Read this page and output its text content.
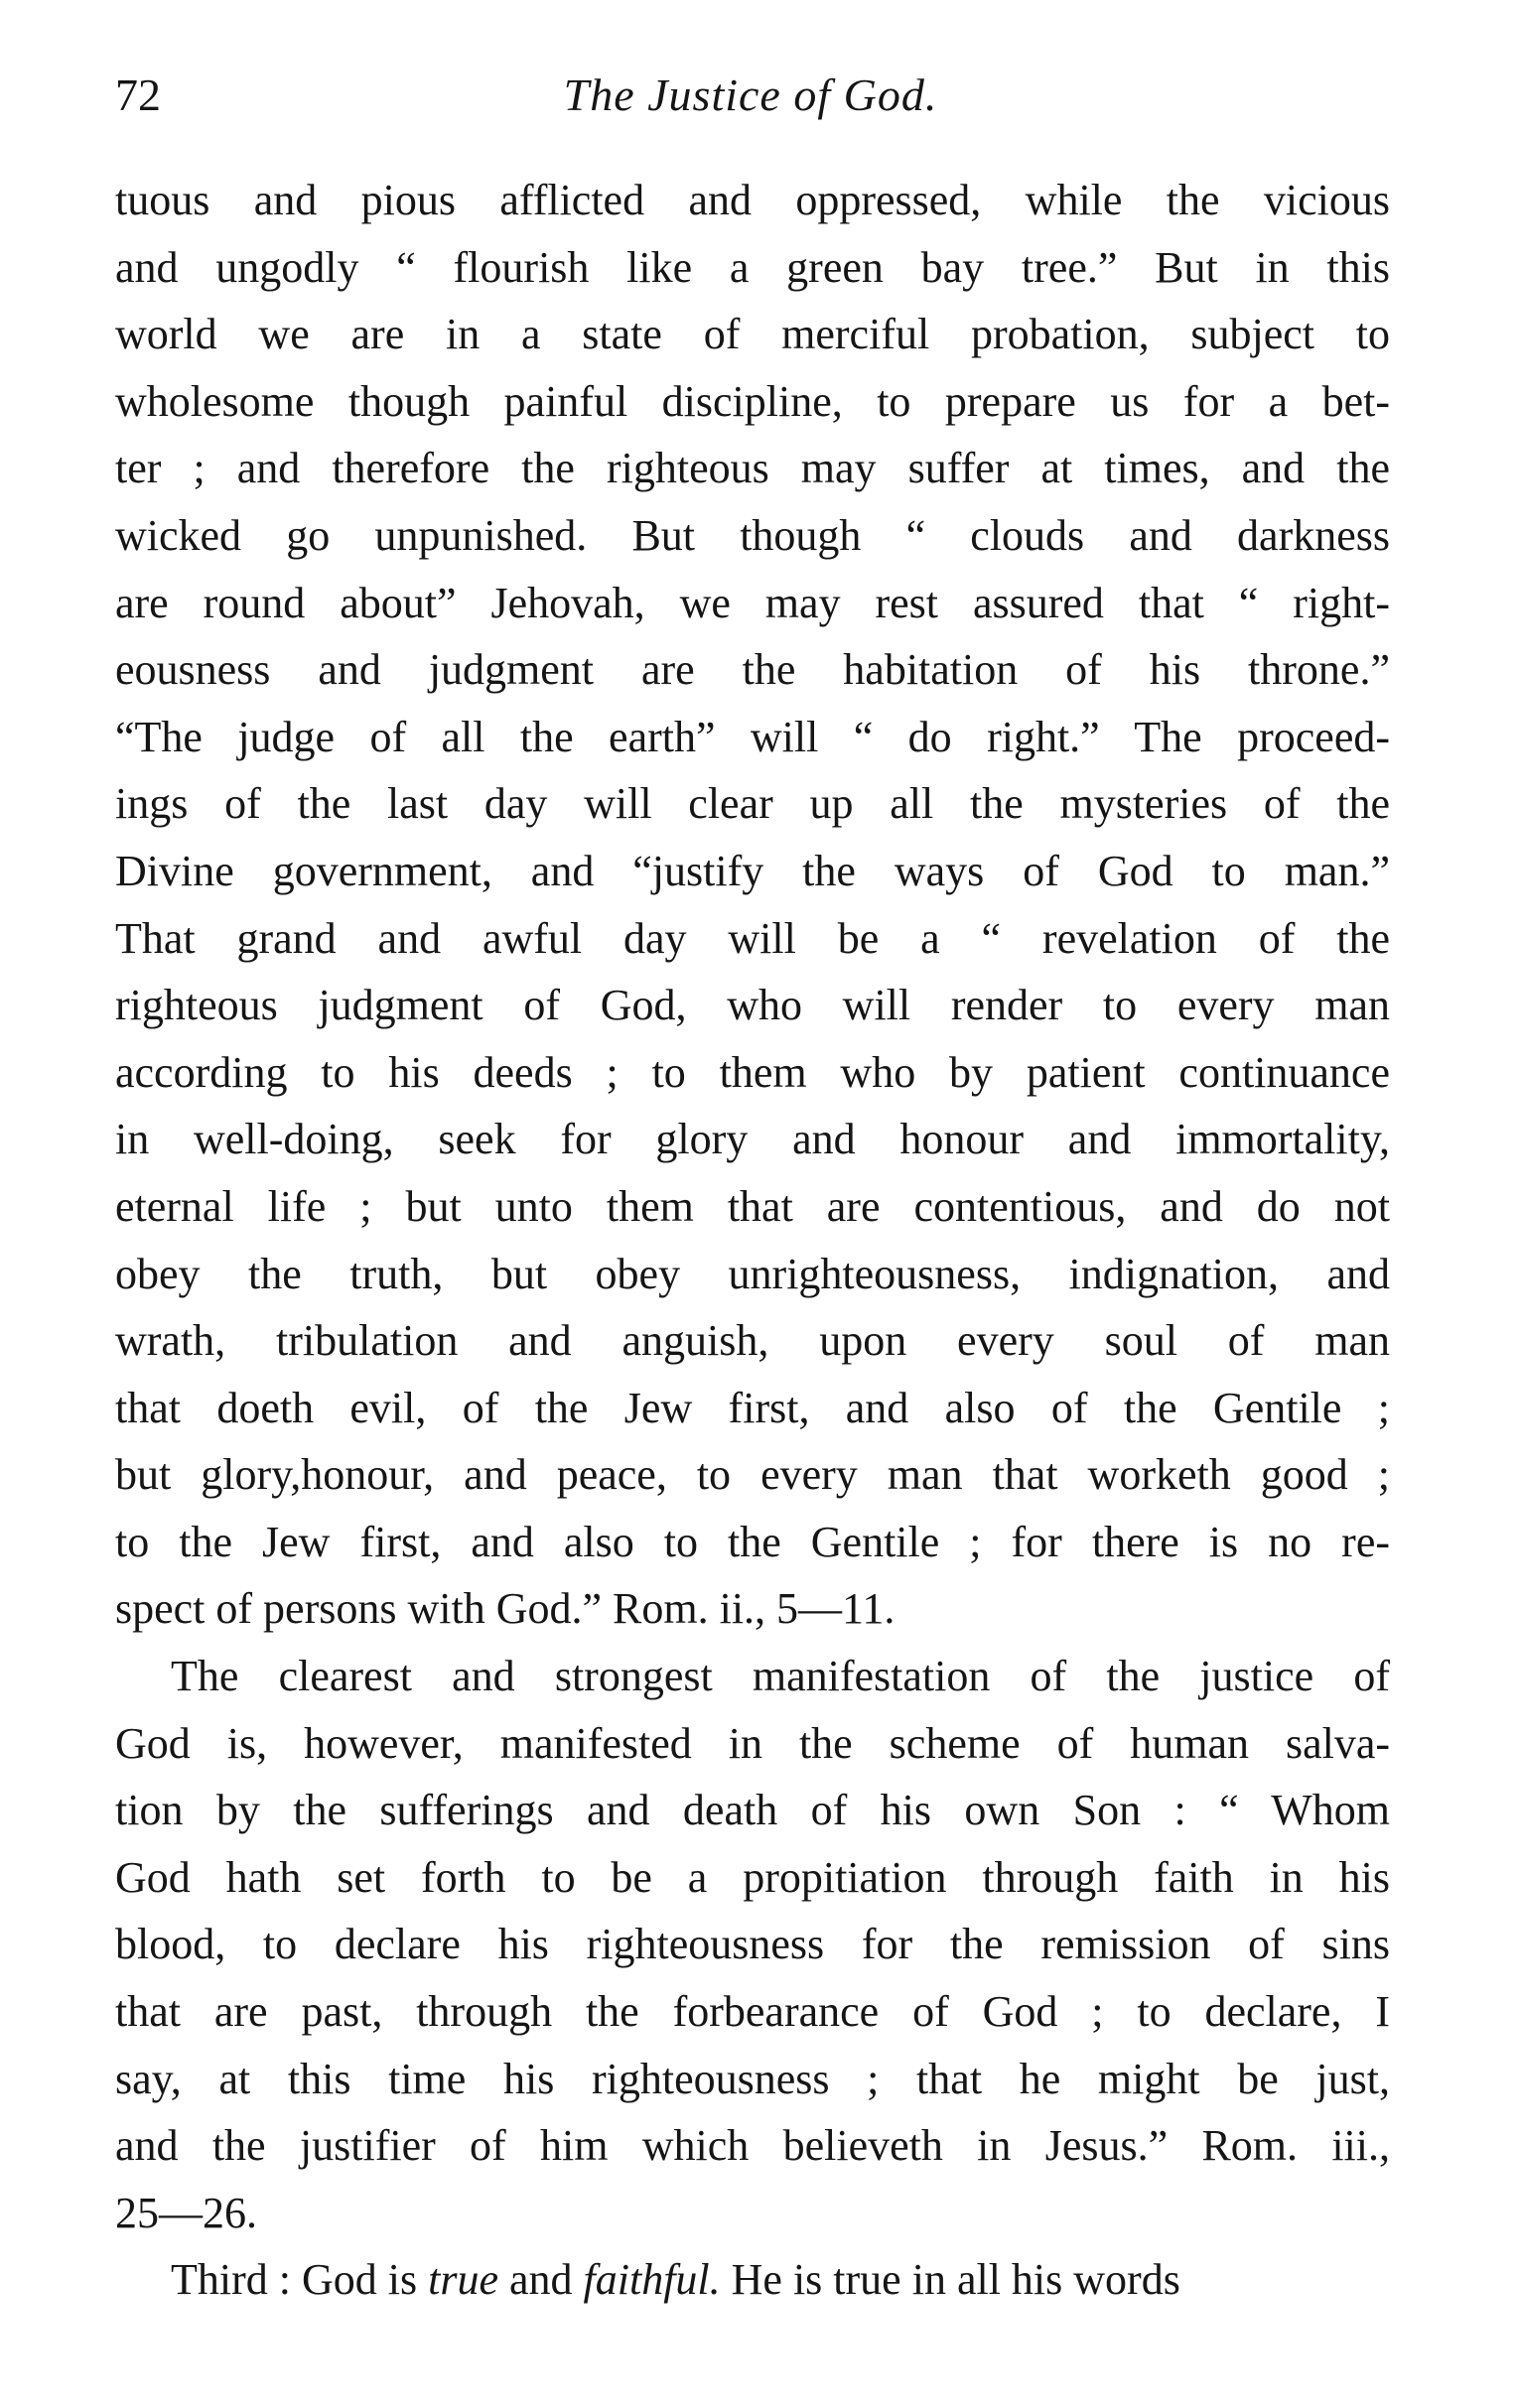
72	The Justice of God.
tuous and pious afflicted and oppressed, while the vicious
and ungodly “ flourish like a green bay tree.” But in this
world we are in a state of merciful probation, subject to
wholesome though painful discipline, to prepare us for a bet-
ter ; and therefore the righteous may suffer at times, and the
wicked go unpunished. But though “ clouds and darkness
are round about” Jehovah, we may rest assured that “ right-
eousness and judgment are the habitation of his throne.”
“The judge of all the earth” will “ do right.” The proceed-
ings of the last day will clear up all the mysteries of the
Divine government, and “justify the ways of God to man.”
That grand and awful day will be a “ revelation of the
righteous judgment of God, who will render to every man
according to his deeds ; to them who by patient continuance
in well-doing, seek for glory and honour and immortality,
eternal life ; but unto them that are contentious, and do not
obey the truth, but obey unrighteousness, indignation, and
wrath, tribulation and anguish, upon every soul of man
that doeth evil, of the Jew first, and also of the Gentile ;
but glory,honour, and peace, to every man that worketh good ;
to the Jew first, and also to the Gentile ; for there is no re-
spect of persons with God.” Rom. ii., 5—11.
The clearest and strongest manifestation of the justice of
God is, however, manifested in the scheme of human salva-
tion by the sufferings and death of his own Son : “ Whom
God hath set forth to be a propitiation through faith in his
blood, to declare his righteousness for the remission of sins
that are past, through the forbearance of God ; to declare, I
say, at this time his righteousness ; that he might be just,
and the justifier of him which believeth in Jesus.” Rom. iii.,
25—26.
Third : God is true and faithful. He is true in all his words
